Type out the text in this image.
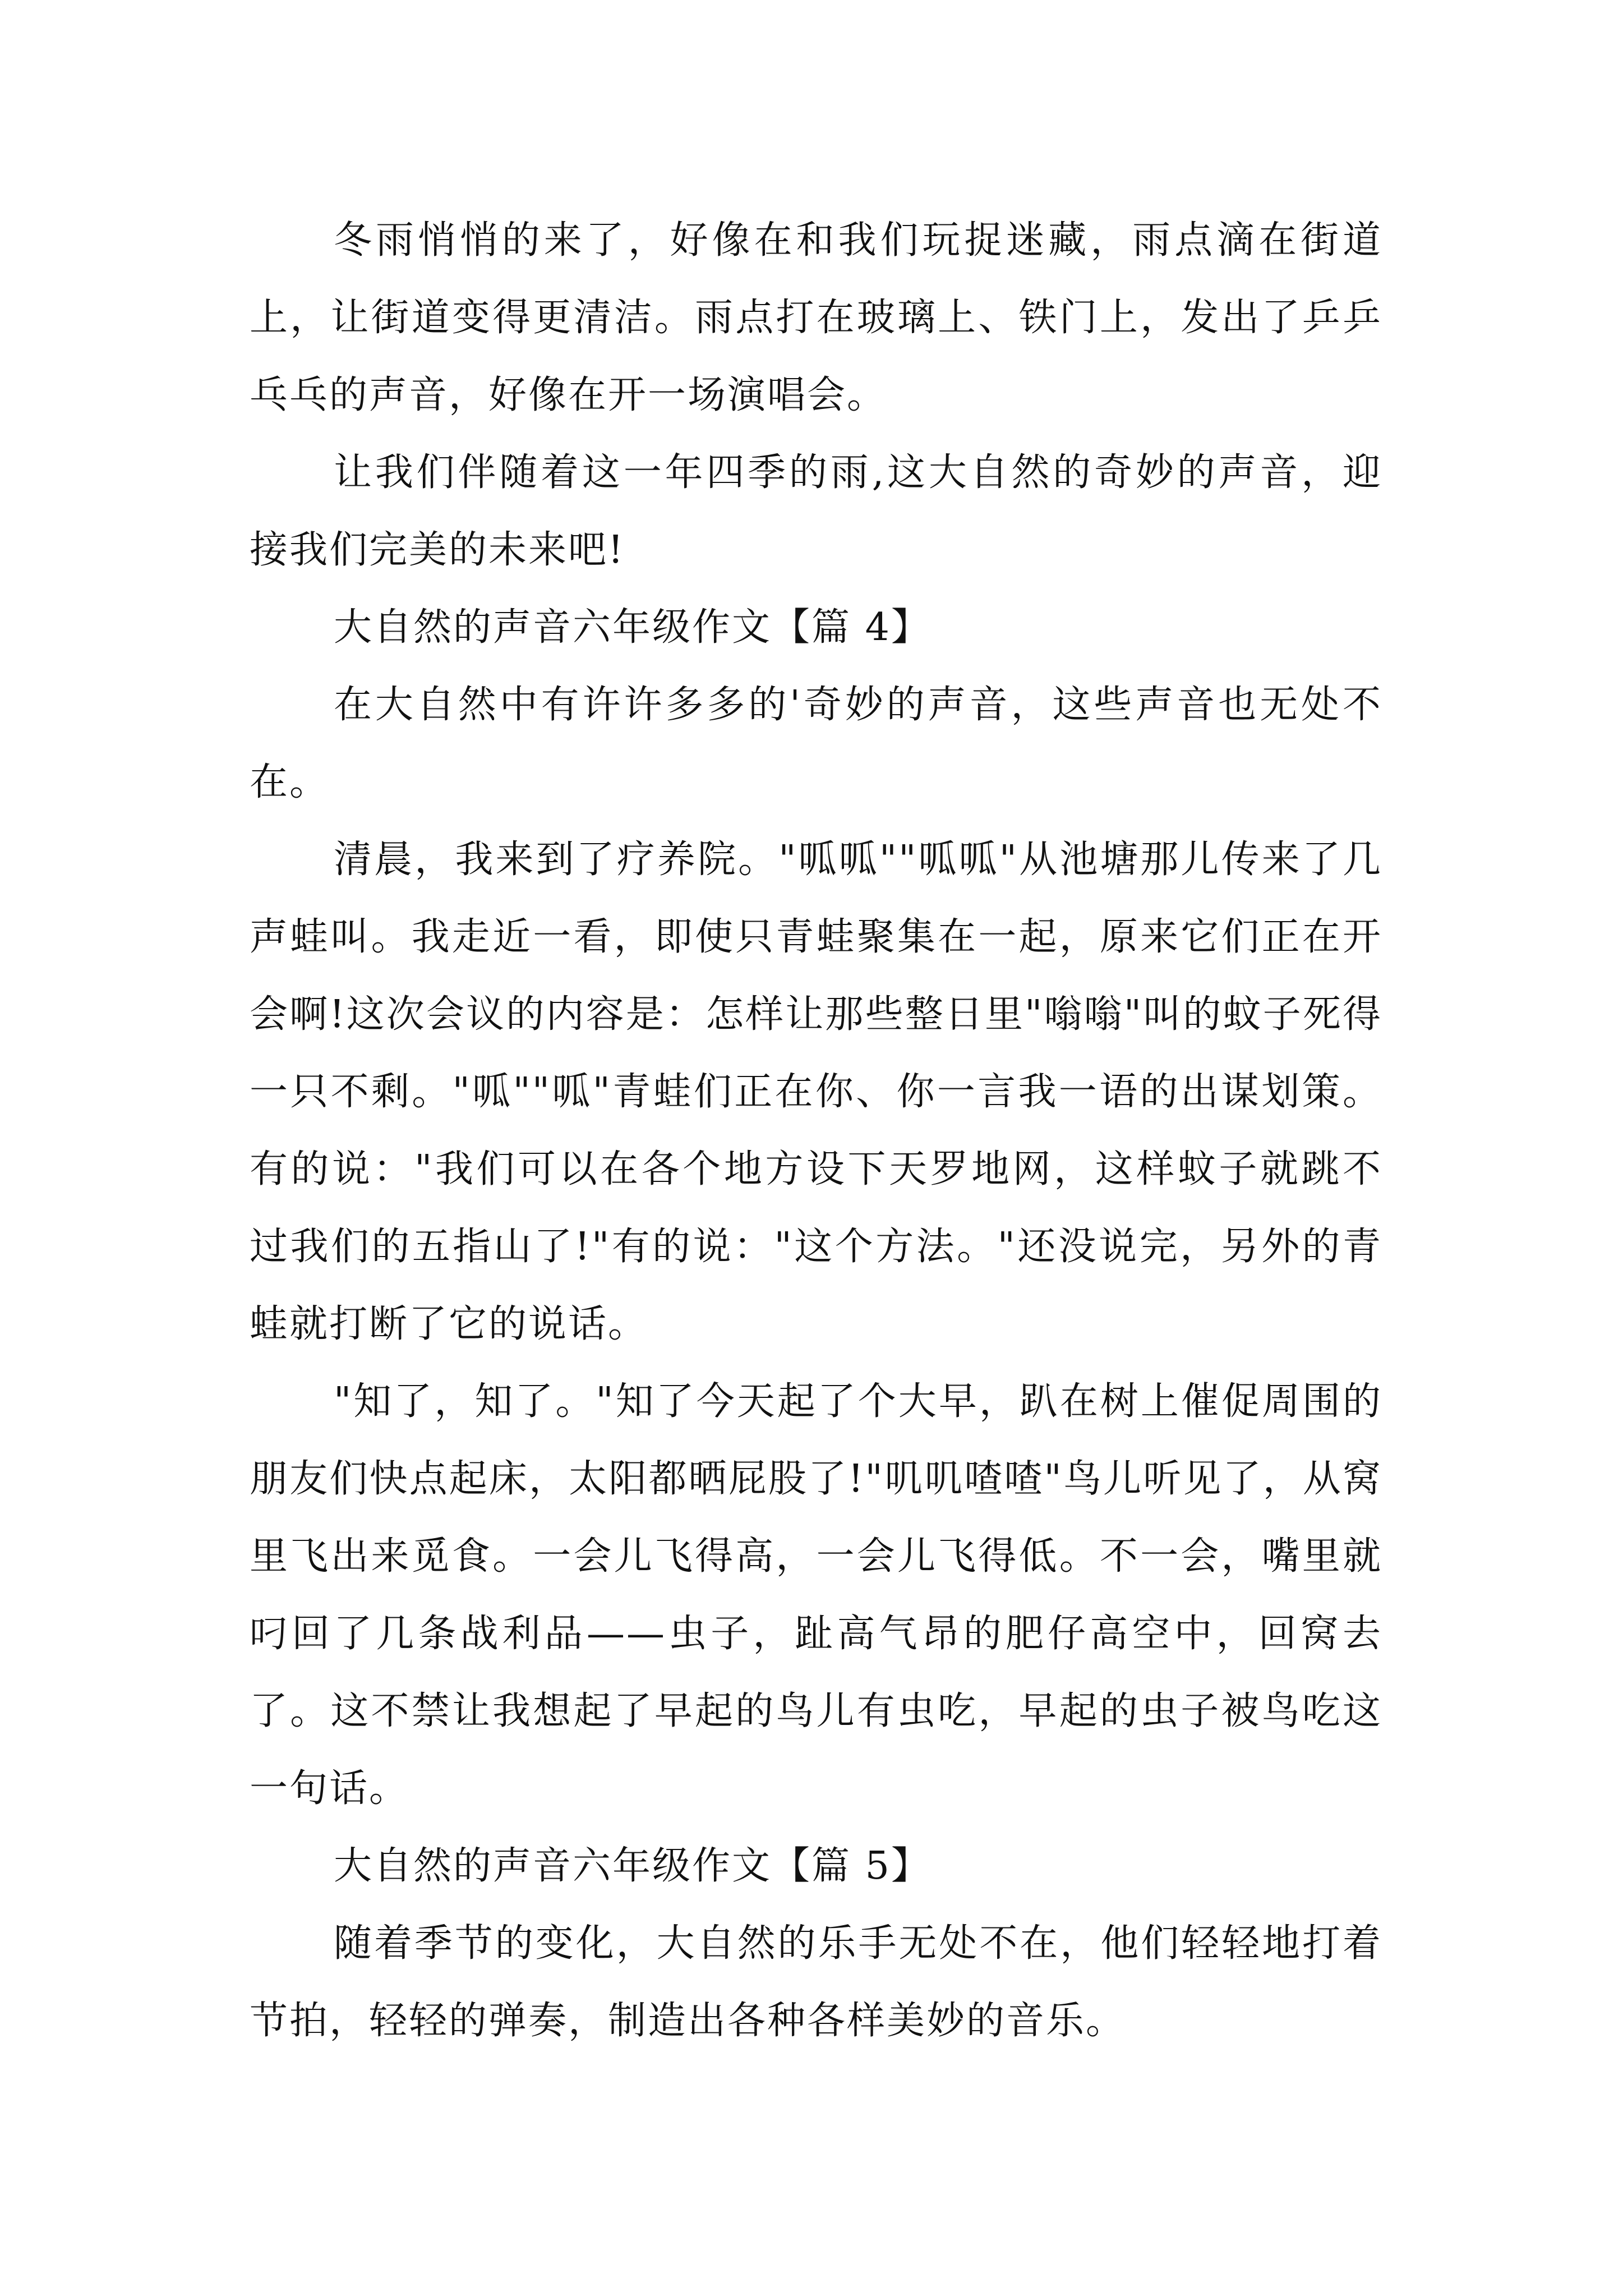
冬雨悄悄的来了，好像在和我们玩捉迷藏，雨点滴在街道上，让街道变得更清洁。雨点打在玻璃上、铁门上，发出了乒乒乓乓的声音，好像在开一场演唱会。

让我们伴随着这一年四季的雨,这大自然的奇妙的声音，迎接我们完美的未来吧!

大自然的声音六年级作文【篇 4】

在大自然中有许许多多的'奇妙的声音，这些声音也无处不在。

清晨，我来到了疗养院。"呱呱""呱呱"从池塘那儿传来了几声蛙叫。我走近一看，即使只青蛙聚集在一起，原来它们正在开会啊!这次会议的内容是：怎样让那些整日里"嗡嗡"叫的蚊子死得一只不剩。"呱""呱"青蛙们正在你、你一言我一语的出谋划策。有的说："我们可以在各个地方设下天罗地网，这样蚊子就跳不过我们的五指山了!"有的说："这个方法。"还没说完，另外的青蛙就打断了它的说话。

"知了，知了。"知了今天起了个大早，趴在树上催促周围的朋友们快点起床，太阳都晒屁股了!"叽叽喳喳"鸟儿听见了，从窝里飞出来觅食。一会儿飞得高，一会儿飞得低。不一会，嘴里就叼回了几条战利品——虫子，趾高气昂的肥仔高空中，回窝去了。这不禁让我想起了早起的鸟儿有虫吃，早起的虫子被鸟吃这一句话。

大自然的声音六年级作文【篇 5】

随着季节的变化，大自然的乐手无处不在，他们轻轻地打着节拍，轻轻的弹奏，制造出各种各样美妙的音乐。
